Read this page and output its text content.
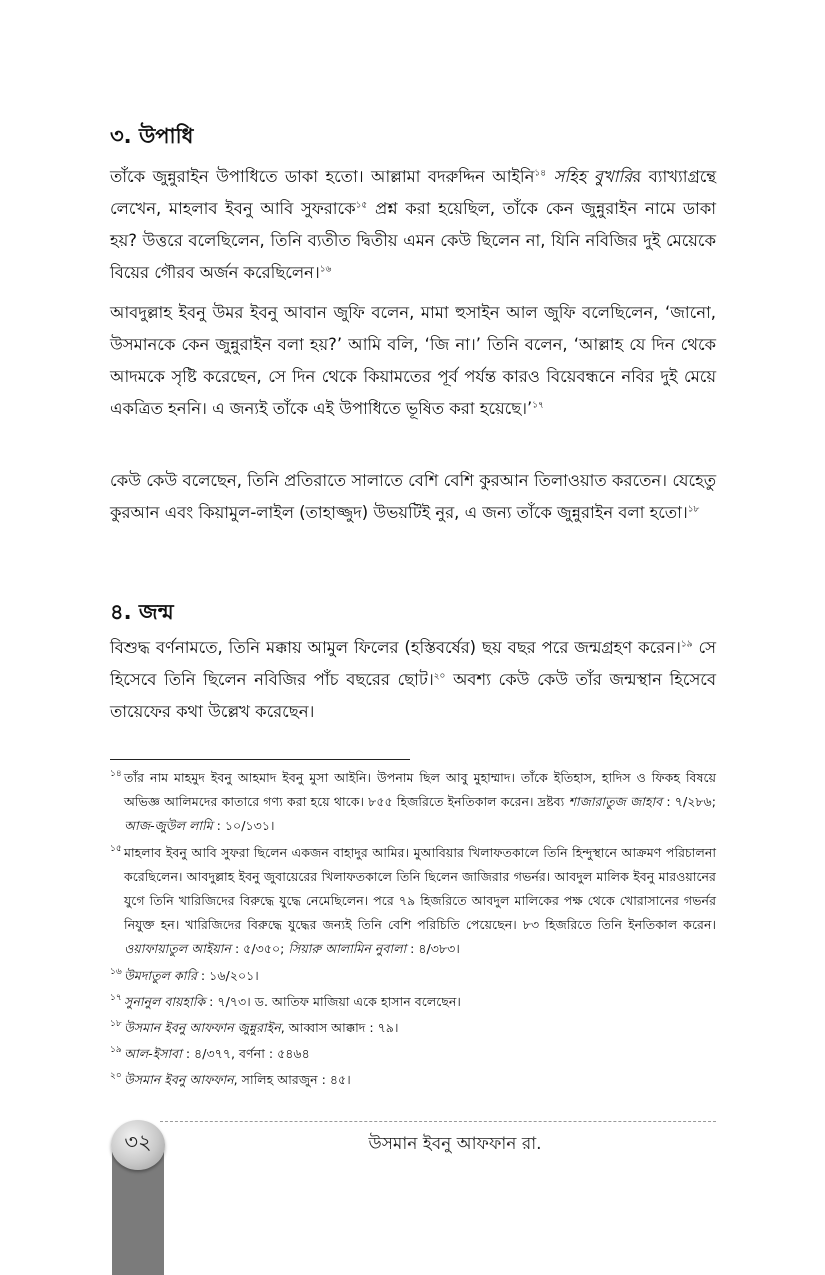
৩. উপাধি

তাঁকে জুন্নুরাইন উপাধিতে ডাকা হতো। আল্লামা বদরুদ্দিন আইনি$^{১৪}$ সহিহ বুখারির ব্যাখ্যাগ্রন্থে লেখেন, মাহলাব ইবনু আবি সুফরাকে$^{১৫}$ প্রশ্ন করা হয়েছিল, তাঁকে কেন জুন্নুরাইন নামে ডাকা হয়? উত্তরে বলেছিলেন, তিনি ব্যতীত দ্বিতীয় এমন কেউ ছিলেন না, যিনি নবিজির দুই মেয়েকে বিয়ের গৌরব অর্জন করেছিলেন।$^{১৬}$

আবদুল্লাহ ইবনু উমর ইবনু আবান জুফি বলেন, মামা হুসাইন আল জুফি বলেছিলেন, ‘জানো, উসমানকে কেন জুন্নুরাইন বলা হয়?’ আমি বলি, ‘জি না।’ তিনি বলেন, ‘আল্লাহ যে দিন থেকে আদমকে সৃষ্টি করেছেন, সে দিন থেকে কিয়ামতের পূর্ব পর্যন্ত কারও বিয়েবন্ধনে নবির দুই মেয়ে একত্রিত হননি। এ জন্যই তাঁকে এই উপাধিতে ভূষিত করা হয়েছে।’$^{১৭}$

কেউ কেউ বলেছেন, তিনি প্রতিরাতে সালাতে বেশি বেশি কুরআন তিলাওয়াত করতেন। যেহেতু কুরআন এবং কিয়ামুল-লাইল (তাহাজ্জুদ) উভয়টিই নুর, এ জন্য তাঁকে জুন্নুরাইন বলা হতো।$^{১৮}$

৪. জন্ম

বিশুদ্ধ বর্ণনামতে, তিনি মক্কায় আমুল ফিলের (হস্তিবর্ষের) ছয় বছর পরে জন্মগ্রহণ করেন।$^{১৯}$ সে হিসেবে তিনি ছিলেন নবিজির পাঁচ বছরের ছোট।$^{২০}$ অবশ্য কেউ কেউ তাঁর জন্মস্থান হিসেবে তায়েফের কথা উল্লেখ করেছেন।

১৪ তাঁর নাম মাহমুদ ইবনু আহমাদ ইবনু মুসা আইনি। উপনাম ছিল আবু মুহাম্মাদ। তাঁকে ইতিহাস, হাদিস ও ফিকহ বিষয়ে অভিজ্ঞ আলিমদের কাতারে গণ্য করা হয়ে থাকে। ৮৫৫ হিজরিতে ইনতিকাল করেন। দ্রষ্টব্য শাজারাতুজ জাহাব : ৭/২৮৬; আজ-জুউল লামি : ১০/১৩১।
১৫ মাহলাব ইবনু আবি সুফরা ছিলেন একজন বাহাদুর আমির। মুআবিয়ার খিলাফতকালে তিনি হিন্দুস্থানে আক্রমণ পরিচালনা করেছিলেন। আবদুল্লাহ ইবনু জুবায়েরের খিলাফতকালে তিনি ছিলেন জাজিরার গভর্নর। আবদুল মালিক ইবনু মারওয়ানের যুগে তিনি খারিজিদের বিরুদ্ধে যুদ্ধে নেমেছিলেন। পরে ৭৯ হিজরিতে আবদুল মালিকের পক্ষ থেকে খোরাসানের গভর্নর নিযুক্ত হন। খারিজিদের বিরুদ্ধে যুদ্ধের জন্যই তিনি বেশি পরিচিতি পেয়েছেন। ৮৩ হিজরিতে তিনি ইনতিকাল করেন। ওয়াফায়াতুল আইয়ান : ৫/৩৫০; সিয়ারু আলামিন নুবালা : ৪/৩৮৩।
১৬ উমদাতুল কারি : ১৬/২০১।
১৭ সুনানুল বায়হাকি : ৭/৭৩। ড. আতিফ মাজিয়া একে হাসান বলেছেন।
১৮ উসমান ইবনু আফফান জুন্নুরাইন, আব্বাস আক্কাদ : ৭৯।
১৯ আল-ইসাবা : ৪/৩৭৭, বর্ণনা : ৫৪৬৪
২০ উসমান ইবনু আফফান, সালিহ আরজুন : ৪৫।
৩২	উসমান ইবনু আফফান রা.
